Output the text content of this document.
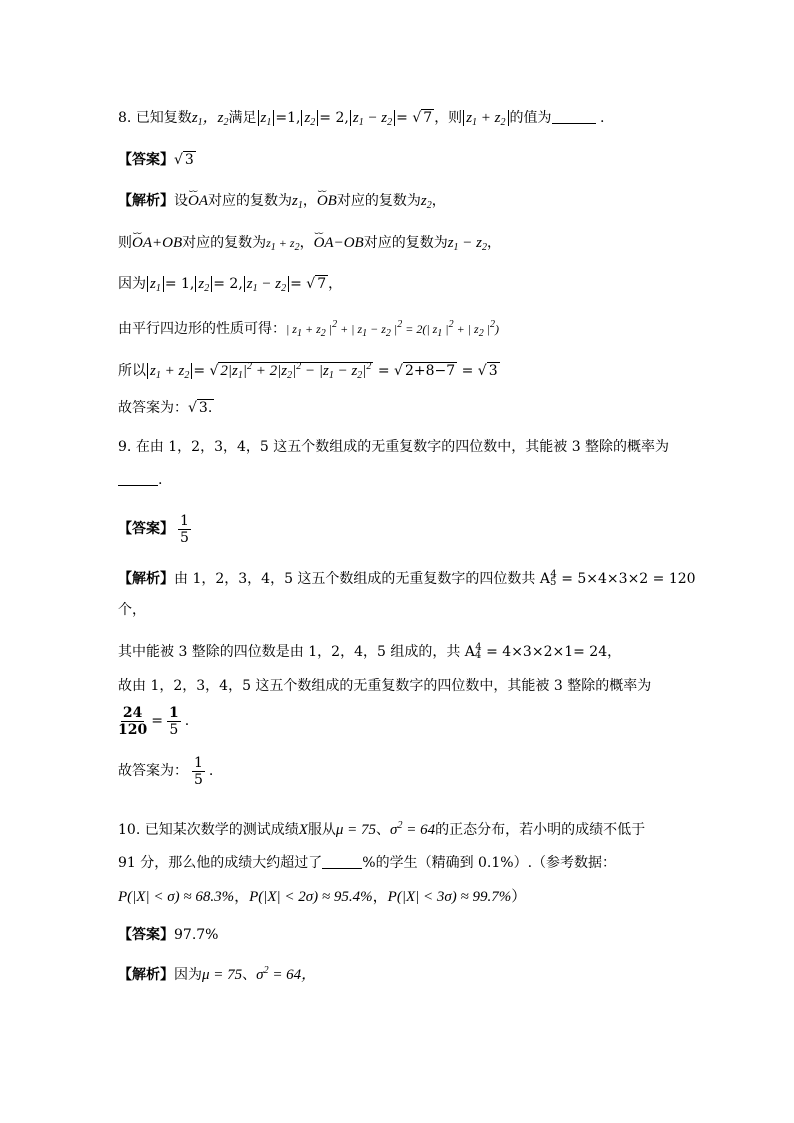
8. 已知复数$z_1$，$z_2$满足 $z_1 =1$, $z_2 = 2$, $z_1 - z_2$ = √ 7 ，则 $z_1 + z_2$ 的值为	.
【答案】√ 3
【解析】设⌣⌣ OA对应的复数为$z_1$，⌣⌣ OB对应的复数为$z_2$，
则⌣⌣ OA+OB对应的复数为$z_1 + z_2$，⌣⌣ OA−OB对应的复数为$z_1 - z_2$，
因为 $z_1 = 1$, $z_2 = 2$, $z_1 - z_2$ = √ 7 ，
由平行四边形的性质可得：| $z_1 + z_2$ $|^2$ + | $z_1 - z_2$ $|^2 = 2(|$ $z_1$ $|^2$ + | $z_2$ $|^2$)
所以 $z_1 + z_2$ = √ $2|z_1|^2 + 2|z_2|^2 - |z_1 - z_2|^2$ = √ 2+8−7 = √ 3
故答案为：√ 3.
9. 在由 1，2，3，4，5 这五个数组成的无重复数字的四位数中，其能被 3 整除的概率为
.
【答案】 $\frac{1}{5}$
【解析】由 1，2，3，4，5 这五个数组成的无重复数字的四位数共 $A_5^4 = 5\times 4\times 3\times 2 = 120$
个，
其中能被 3 整除的四位数是由 1，2，4，5 组成的，共 $A_4^4 = 4\times 3\times 2\times 1= 24$，
故由 1，2，3，4，5 这五个数组成的无重复数字的四位数中，其能被 3 整除的概率为
$\frac{24}{120} = \frac{1}{5}$ .
故答案为： $\frac{1}{5}$ .
10. 已知某次数学的测试成绩X服从μ = 75、$\sigma^2 = 64$的正态分布，若小明的成绩不低于
91 分，那么他的成绩大约超过了	%的学生（精确到 0.1%）.（参考数据：
P(|X| < σ) ≈ 68.3%，P(|X| < 2σ) ≈ 95.4%，P(|X| < 3σ) ≈ 99.7%）
【答案】97.7%
【解析】因为μ = 75、$\sigma^2 = 64$，
